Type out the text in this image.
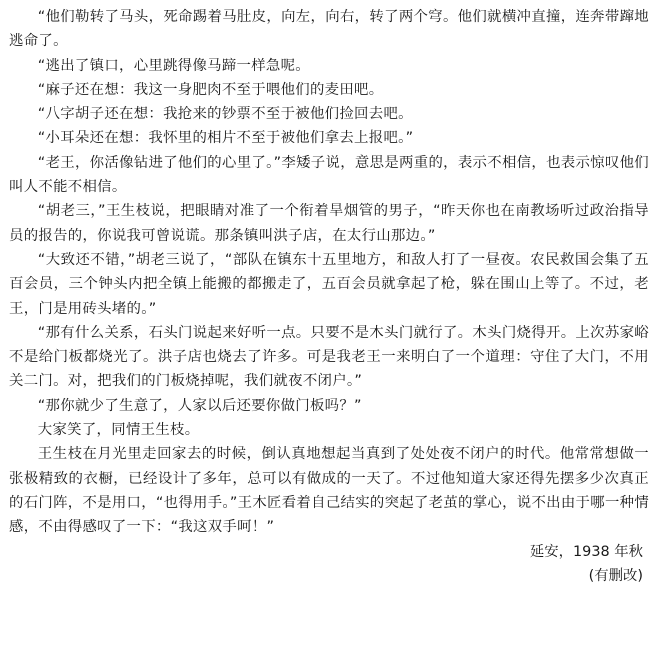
“他们勒转了马头，死命踢着马肚皮，向左，向右，转了两个穹。他们就横冲直撞，连奔带蹿地逃命了。

“逃出了镇口，心里跳得像马蹄一样急呢。

“麻子还在想：我这一身肥肉不至于喂他们的麦田吧。

“八字胡子还在想：我抢来的钞票不至于被他们捡回去吧。

“小耳朵还在想：我怀里的相片不至于被他们拿去上报吧。”

“老王，你活像钻进了他们的心里了。”李矮子说，意思是两重的，表示不相信，也表示惊叹他们叫人不能不相信。

“胡老三，”王生枝说，把眼睛对准了一个衔着旱烟管的男子，“昨天你也在南教场听过政治指导员的报告的，你说我可曾说谎。那条镇叫洪子店，在太行山那边。”

“大致还不错，”胡老三说了，“部队在镇东十五里地方，和敌人打了一昼夜。农民救国会集了五百会员，三个钟头内把全镇上能搬的都搬走了，五百会员就拿起了枪，躲在围山上等了。不过，老王，门是用砖头堵的。”

“那有什么关系，石头门说起来好听一点。只要不是木头门就行了。木头门烧得开。上次苏家峪不是给门板都烧光了。洪子店也烧去了许多。可是我老王一来明白了一个道理：守住了大门，不用关二门。对，把我们的门板烧掉呢，我们就夜不闭户。”

“那你就少了生意了，人家以后还要你做门板吗？”

大家笑了，同情王生枝。

王生枝在月光里走回家去的时候，倒认真地想起当真到了处处夜不闭户的时代。他常常想做一张极精致的衣橱，已经设计了多年，总可以有做成的一天了。不过他知道大家还得先摆多少次真正的石门阵，不是用口，“也得用手。”王木匠看着自己结实的突起了老茧的掌心，说不出由于哪一种情感，不由得感叹了一下：“我这双手呵！”

延安，1938 年秋

(有删改)
